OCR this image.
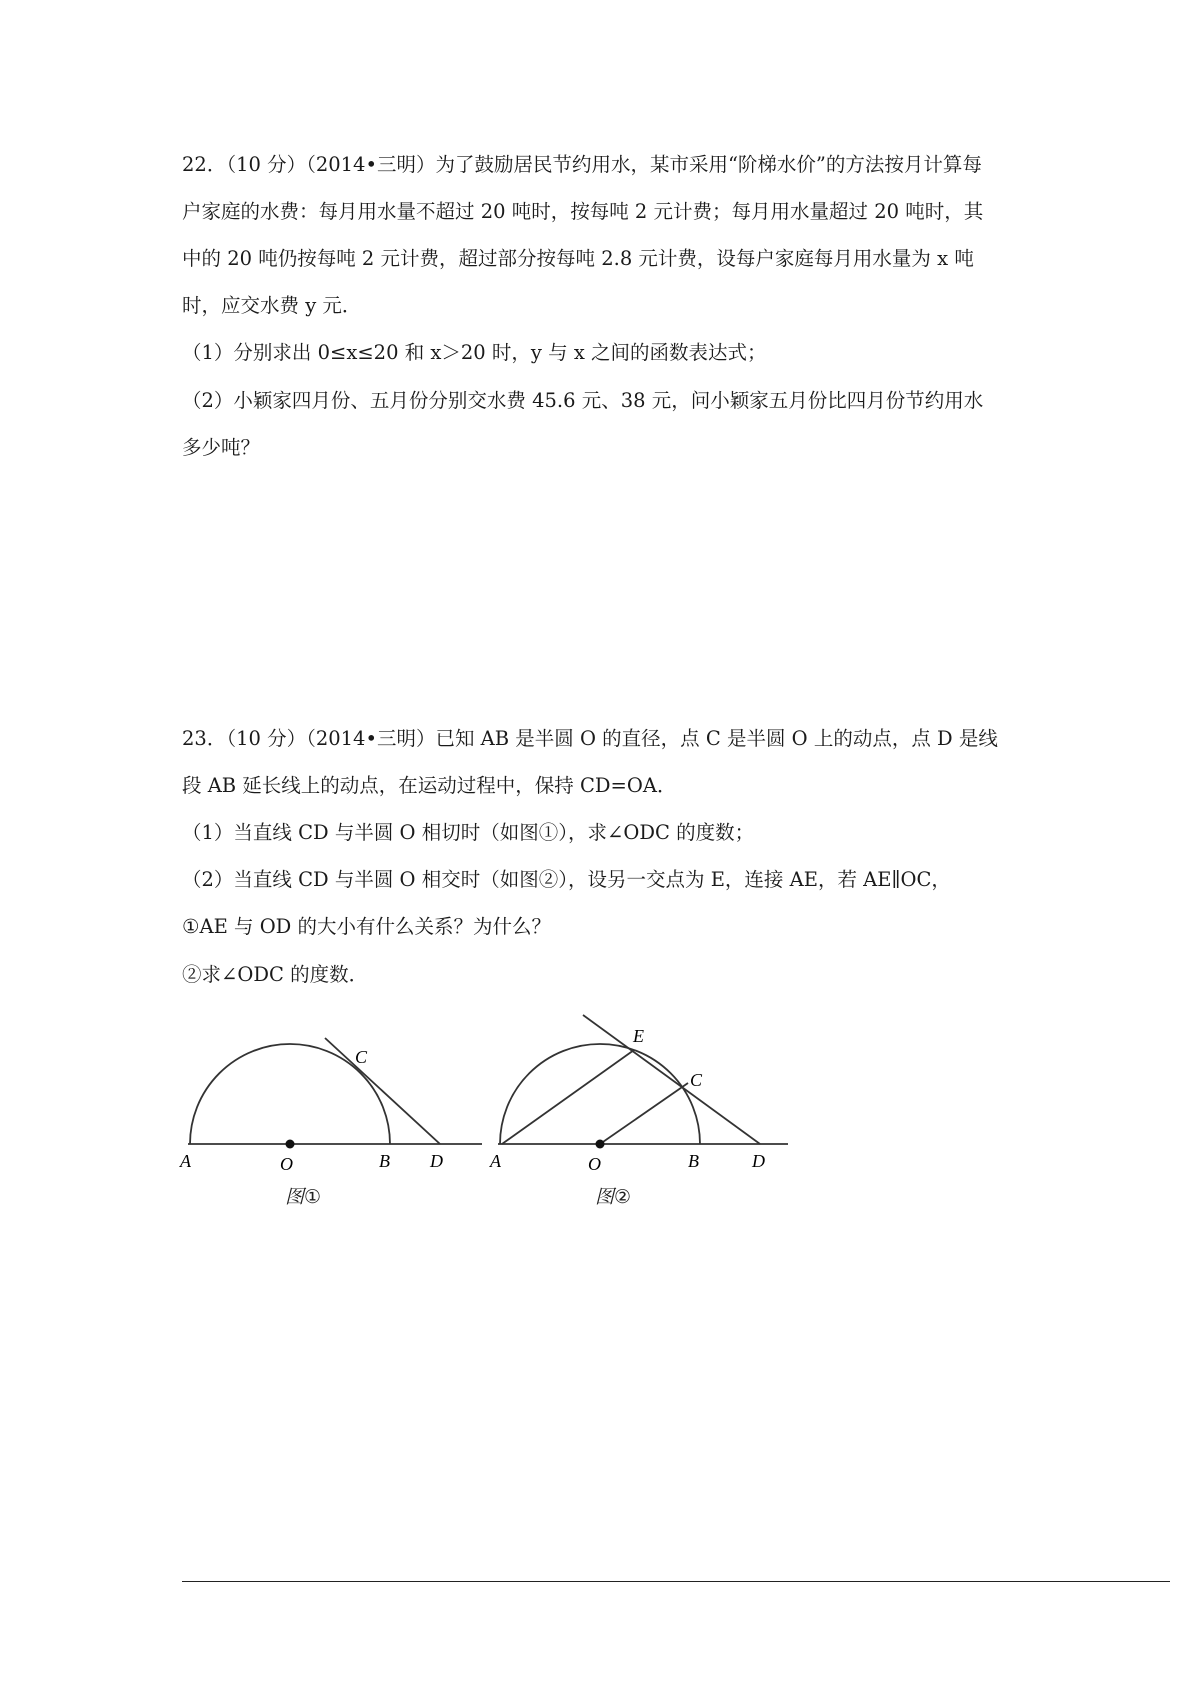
22．（10 分）（2014•三明）为了鼓励居民节约用水，某市采用“阶梯水价”的方法按月计算每
户家庭的水费：每月用水量不超过 20 吨时，按每吨 2 元计费；每月用水量超过 20 吨时，其
中的 20 吨仍按每吨 2 元计费，超过部分按每吨 2.8 元计费，设每户家庭每月用水量为 x 吨
时，应交水费 y 元．
（1）分别求出 0≤x≤20 和 x＞20 时，y 与 x 之间的函数表达式；
（2）小颖家四月份、五月份分别交水费 45.6 元、38 元，问小颖家五月份比四月份节约用水
多少吨？
23．（10 分）（2014•三明）已知 AB 是半圆 O 的直径，点 C 是半圆 O 上的动点，点 D 是线
段 AB 延长线上的动点，在运动过程中，保持 CD=OA．
（1）当直线 CD 与半圆 O 相切时（如图①），求∠ODC 的度数；
（2）当直线 CD 与半圆 O 相交时（如图②），设另一交点为 E，连接 AE，若 AE∥OC，
①AE 与 OD 的大小有什么关系？为什么？
②求∠ODC 的度数．
A	O	B
C
D
图①
A	O	B
C
D
E
图②
